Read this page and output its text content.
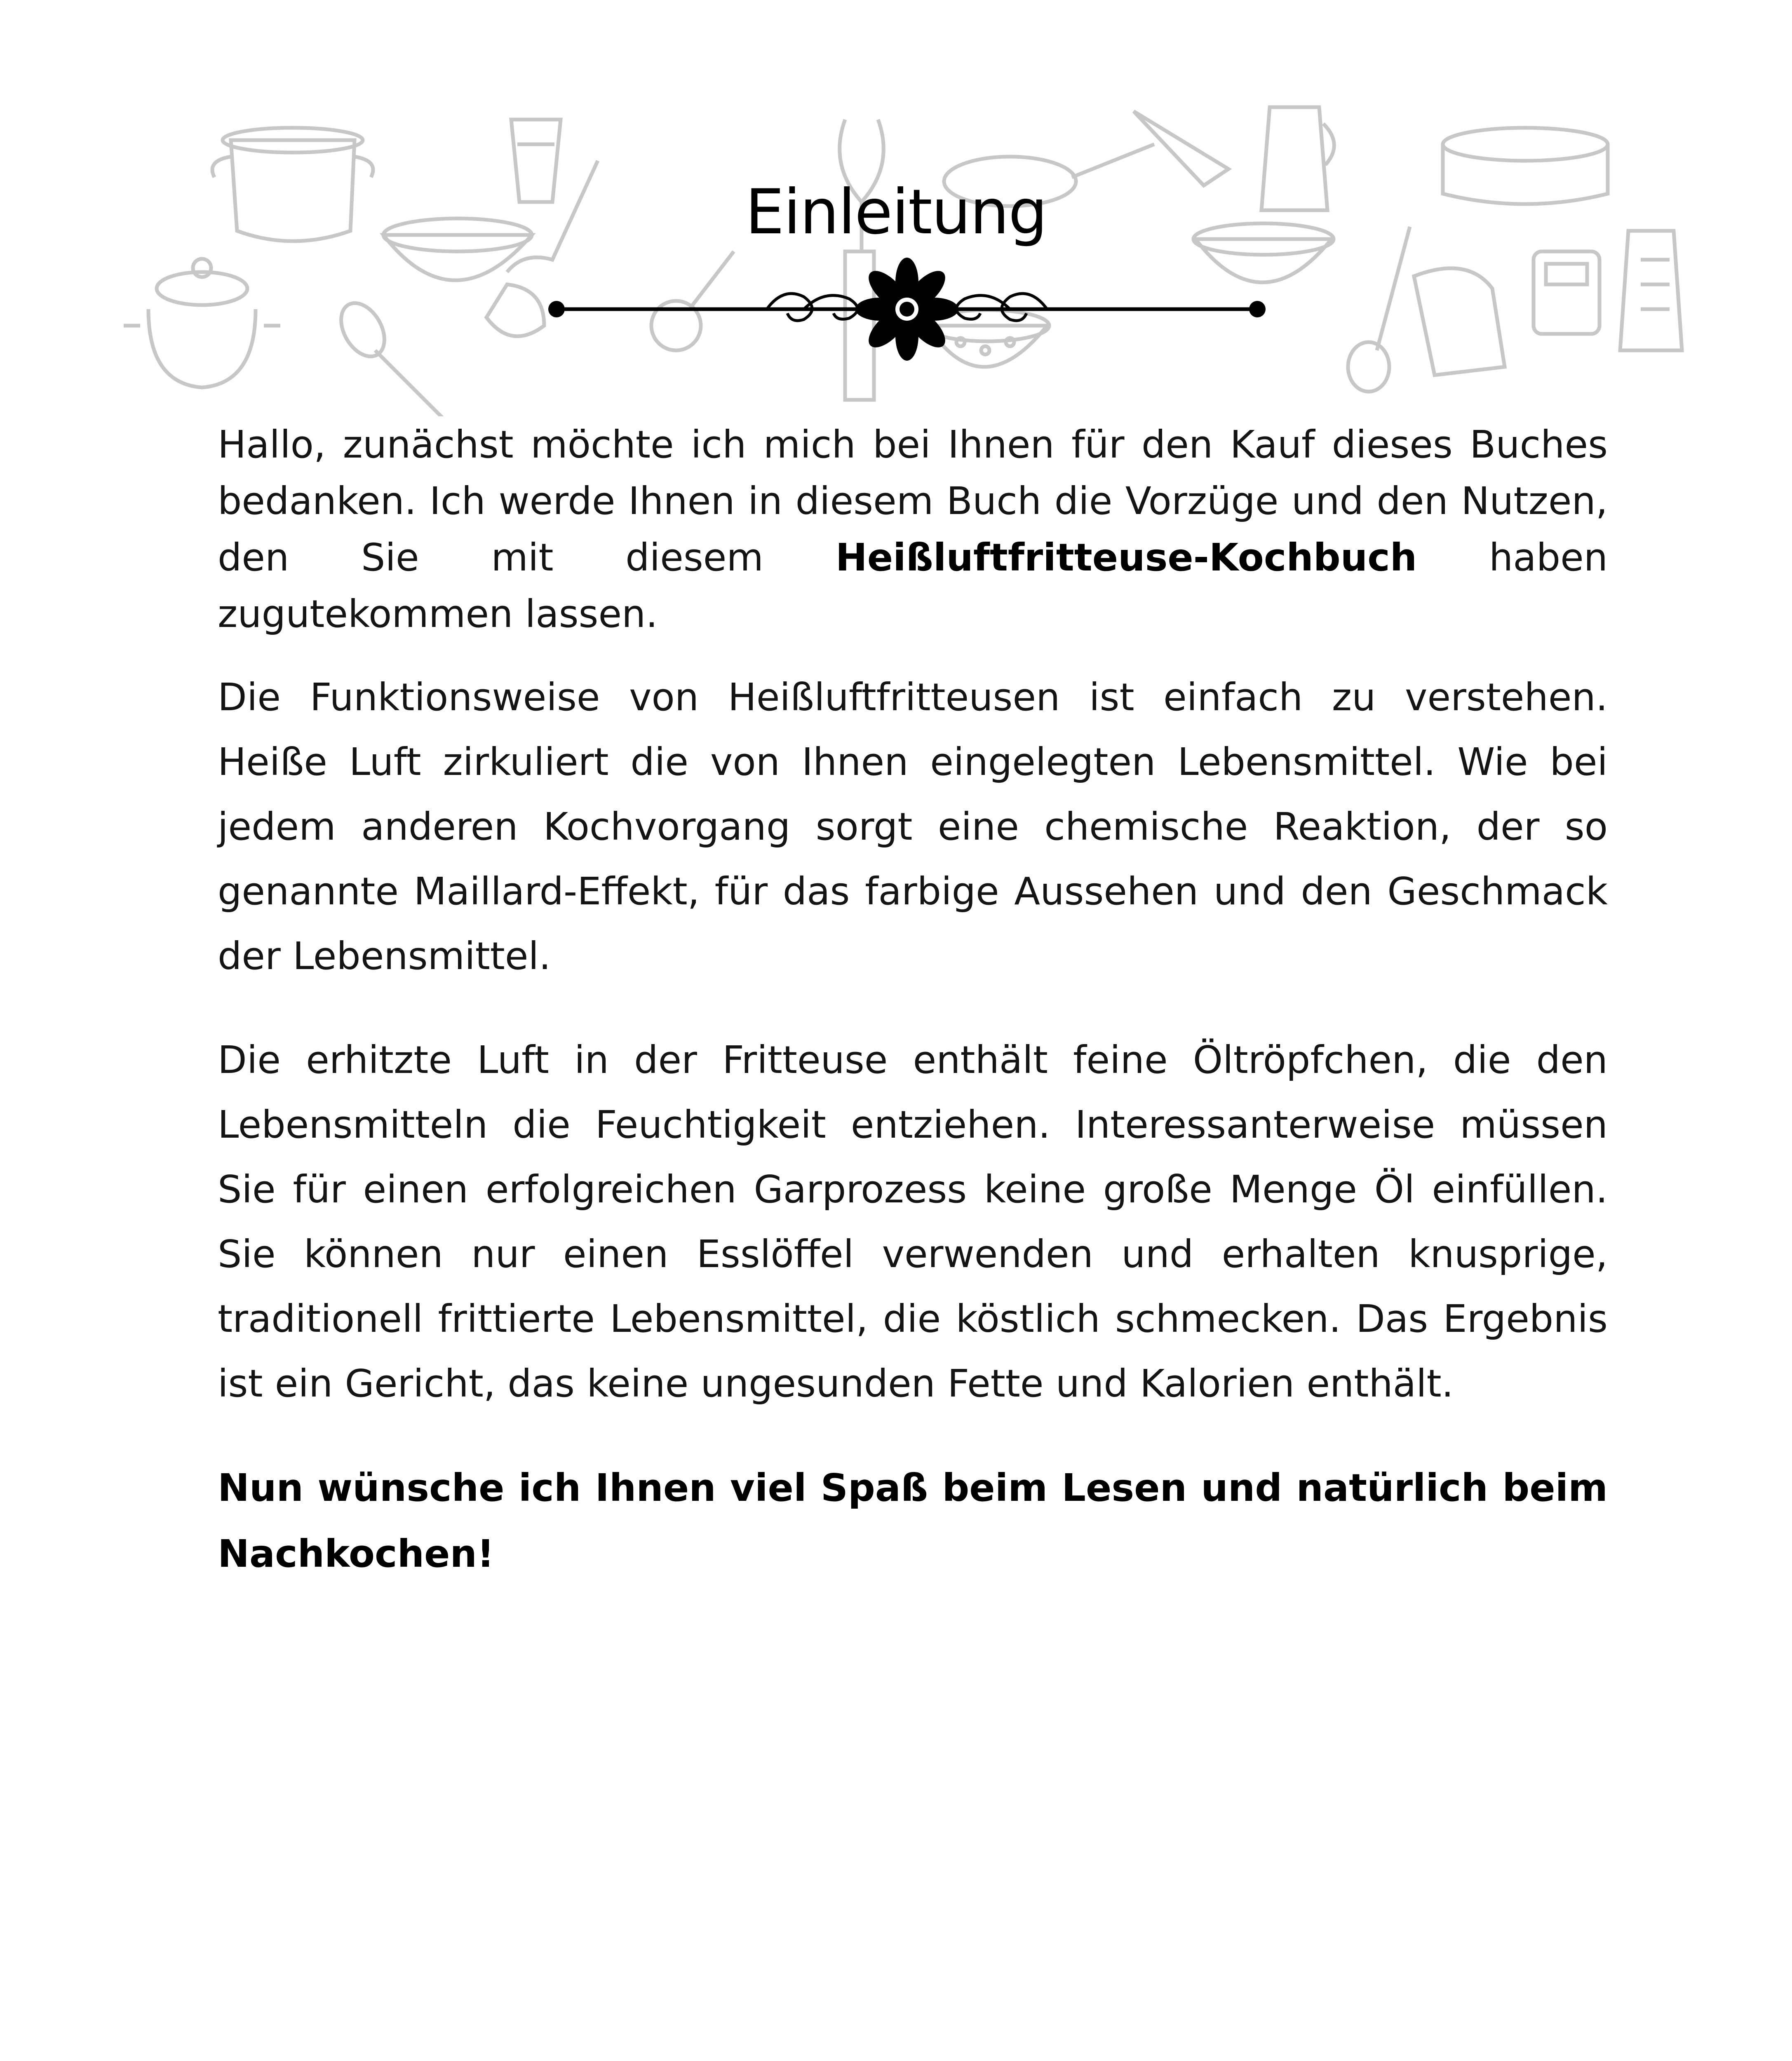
Einleitung

Hallo, zunächst möchte ich mich bei Ihnen für den Kauf dieses Buches bedanken. Ich werde Ihnen in diesem Buch die Vorzüge und den Nutzen, den Sie mit diesem Heißluftfritteuse-Kochbuch haben zugutekommen lassen.

Die Funktionsweise von Heißluftfritteusen ist einfach zu verstehen. Heiße Luft zirkuliert die von Ihnen eingelegten Lebensmittel. Wie bei jedem anderen Kochvorgang sorgt eine chemische Reaktion, der so genannte Maillard-Effekt, für das farbige Aussehen und den Geschmack der Lebensmittel.

Die erhitzte Luft in der Fritteuse enthält feine Öltröpfchen, die den Lebensmitteln die Feuchtigkeit entziehen. Interessanterweise müssen Sie für einen erfolgreichen Garprozess keine große Menge Öl einfüllen. Sie können nur einen Esslöffel verwenden und erhalten knusprige, traditionell frittierte Lebensmittel, die köstlich schmecken. Das Ergebnis ist ein Gericht, das keine ungesunden Fette und Kalorien enthält.

Nun wünsche ich Ihnen viel Spaß beim Lesen und natürlich beim Nachkochen!
